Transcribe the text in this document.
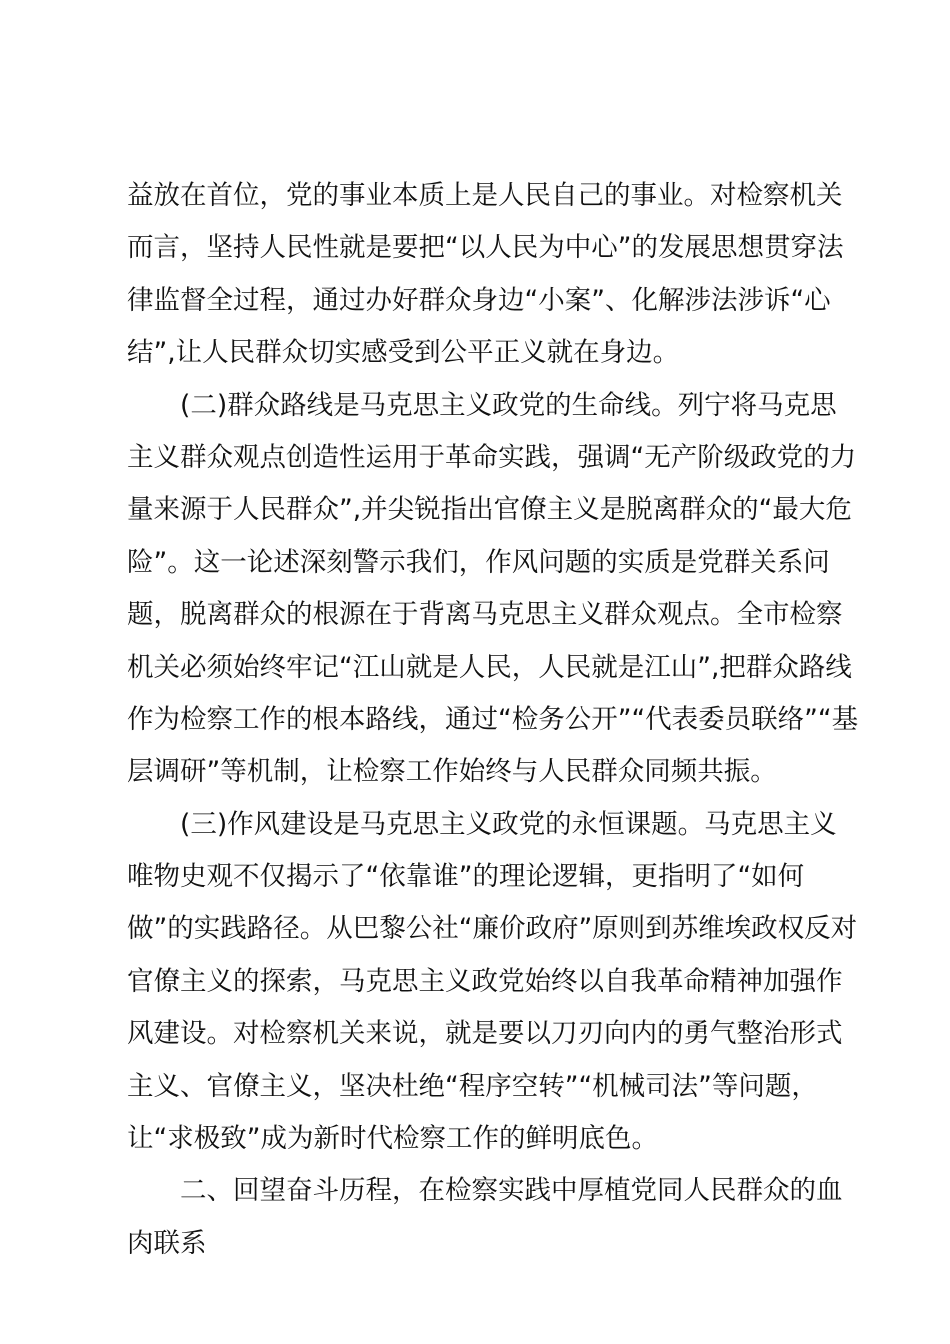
益放在首位，党的事业本质上是人民自己的事业。对检察机关
而言，坚持人民性就是要把“以人民为中心”的发展思想贯穿法
律监督全过程，通过办好群众身边“小案”、化解涉法涉诉“心
结”,让人民群众切实感受到公平正义就在身边。
(二)群众路线是马克思主义政党的生命线。列宁将马克思
主义群众观点创造性运用于革命实践，强调“无产阶级政党的力
量来源于人民群众”,并尖锐指出官僚主义是脱离群众的“最大危
险”。这一论述深刻警示我们，作风问题的实质是党群关系问
题，脱离群众的根源在于背离马克思主义群众观点。全市检察
机关必须始终牢记“江山就是人民，人民就是江山”,把群众路线
作为检察工作的根本路线，通过“检务公开”“代表委员联络”“基
层调研”等机制，让检察工作始终与人民群众同频共振。
(三)作风建设是马克思主义政党的永恒课题。马克思主义
唯物史观不仅揭示了“依靠谁”的理论逻辑，更指明了“如何
做”的实践路径。从巴黎公社“廉价政府”原则到苏维埃政权反对
官僚主义的探索，马克思主义政党始终以自我革命精神加强作
风建设。对检察机关来说，就是要以刀刃向内的勇气整治形式
主义、官僚主义，坚决杜绝“程序空转”“机械司法”等问题，
让“求极致”成为新时代检察工作的鲜明底色。
二、回望奋斗历程，在检察实践中厚植党同人民群众的血
肉联系
